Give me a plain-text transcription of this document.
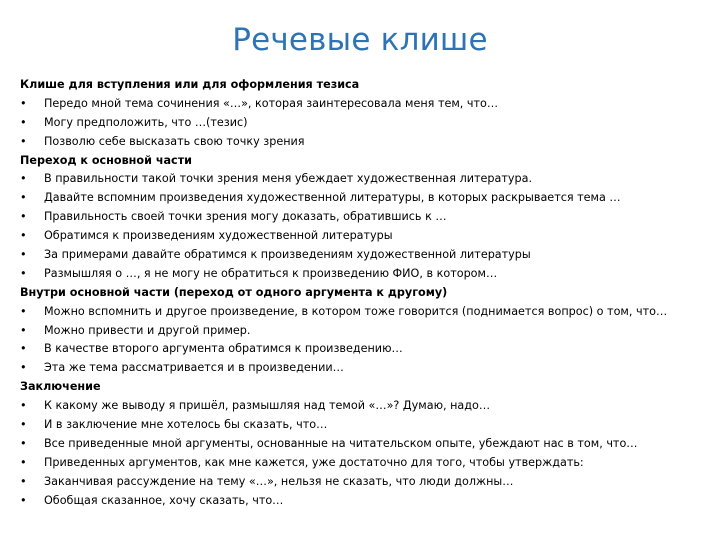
Речевые клише
Клише для вступления или для оформления тезиса
•	Передо мной тема сочинения «…», которая заинтересовала меня тем, что…
•	Могу предположить, что …(тезис)
•	Позволю себе высказать свою точку зрения
Переход к основной части
•	В правильности такой точки зрения меня убеждает художественная литература.
•	Давайте вспомним произведения художественной литературы, в которых раскрывается тема …
•	Правильность своей точки зрения могу доказать, обратившись к …
•	Обратимся к произведениям художественной литературы
•	За примерами давайте обратимся к произведениям художественной литературы
•	Размышляя о …, я не могу не обратиться к произведению ФИО, в котором…
Внутри основной части (переход от одного аргумента к другому)
•	Можно вспомнить и другое произведение, в котором тоже говорится (поднимается вопрос) о том, что…
•	Можно привести и другой пример.
•	В качестве второго аргумента обратимся к произведению…
•	Эта же тема рассматривается и в произведении…
Заключение
•	К какому же выводу я пришёл, размышляя над темой «…»? Думаю, надо…
•	И в заключение мне хотелось бы сказать, что…
•	Все приведенные мной аргументы, основанные на читательском опыте, убеждают нас в том, что…
•	Приведенных аргументов, как мне кажется, уже достаточно для того, чтобы утверждать:
•	Заканчивая рассуждение на тему «…», нельзя не сказать, что люди должны…
•	Обобщая сказанное, хочу сказать, что…
